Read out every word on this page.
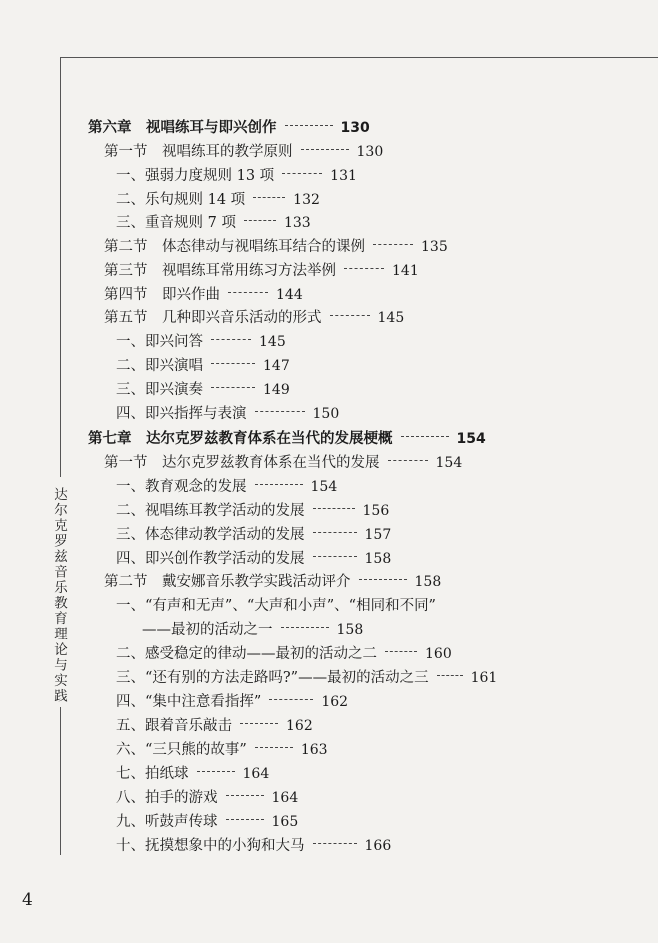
达尔克罗兹音乐教育理论与实践
4
第六章　视唱练耳与即兴创作	130
第一节　视唱练耳的教学原则	130
一、强弱力度规则 13 项	131
二、乐句规则 14 项	132
三、重音规则 7 项	133
第二节　体态律动与视唱练耳结合的课例	135
第三节　视唱练耳常用练习方法举例	141
第四节　即兴作曲	144
第五节　几种即兴音乐活动的形式	145
一、即兴问答	145
二、即兴演唱	147
三、即兴演奏	149
四、即兴指挥与表演	150
第七章　达尔克罗兹教育体系在当代的发展梗概	154
第一节　达尔克罗兹教育体系在当代的发展	154
一、教育观念的发展	154
二、视唱练耳教学活动的发展	156
三、体态律动教学活动的发展	157
四、即兴创作教学活动的发展	158
第二节　戴安娜音乐教学实践活动评介	158
一、“有声和无声”、“大声和小声”、“相同和不同”
——最初的活动之一	158
二、感受稳定的律动——最初的活动之二	160
三、“还有别的方法走路吗?”——最初的活动之三	161
四、“集中注意看指挥”	162
五、跟着音乐敲击	162
六、“三只熊的故事”	163
七、拍纸球	164
八、拍手的游戏	164
九、听鼓声传球	165
十、抚摸想象中的小狗和大马	166
